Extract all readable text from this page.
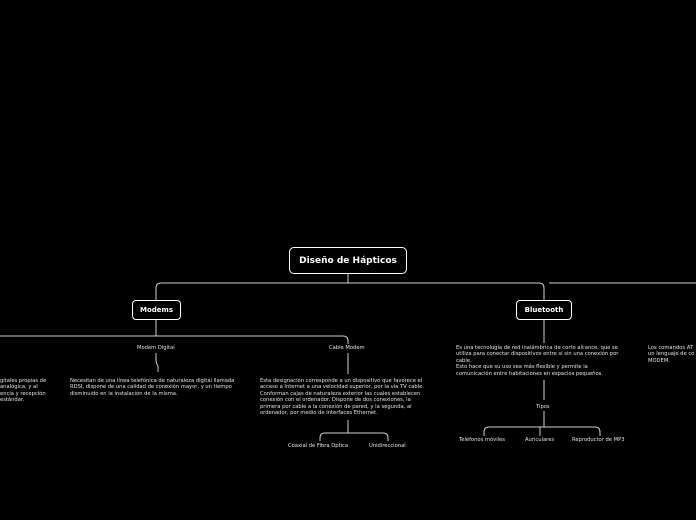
Diseño de Hápticos
Modems	Bluetooth
Modem Digital	Cable Modem
gitales propias de
analógica, y al
encia y recepción
estándar.
Necesitan de una línea telefónica de naturaleza digital llamada
RDSI, dispone de una calidad de conexión mayor, y un tiempo
disminuido en la instalación de la misma.
Esta designación corresponde a un dispositivo que favorece el
acceso a Internet a una velocidad superior, por la vía TV cable.
Conforman cajas de naturaleza exterior las cuales establecen
conexión con el ordenador. Dispone de dos conexiones, la
primera por cable a la conexión de pared, y la segunda, al
ordenador, por medio de interfaces Ethernet.
Coaxial de Fibra Optica	Unidireccional
Es una tecnología de red inalámbrica de corto alcance, que se
utiliza para conectar dispositivos entre sí sin una conexión por
cable.
Esto hace que su uso sea más flexible y permite la
comunicación entre habitaciones en espacios pequeños.
Tipos
Teléfonos móviles	Auriculares	Reproductor de MP3
Los comandos AT
un lenguaje de co
MODEM.
